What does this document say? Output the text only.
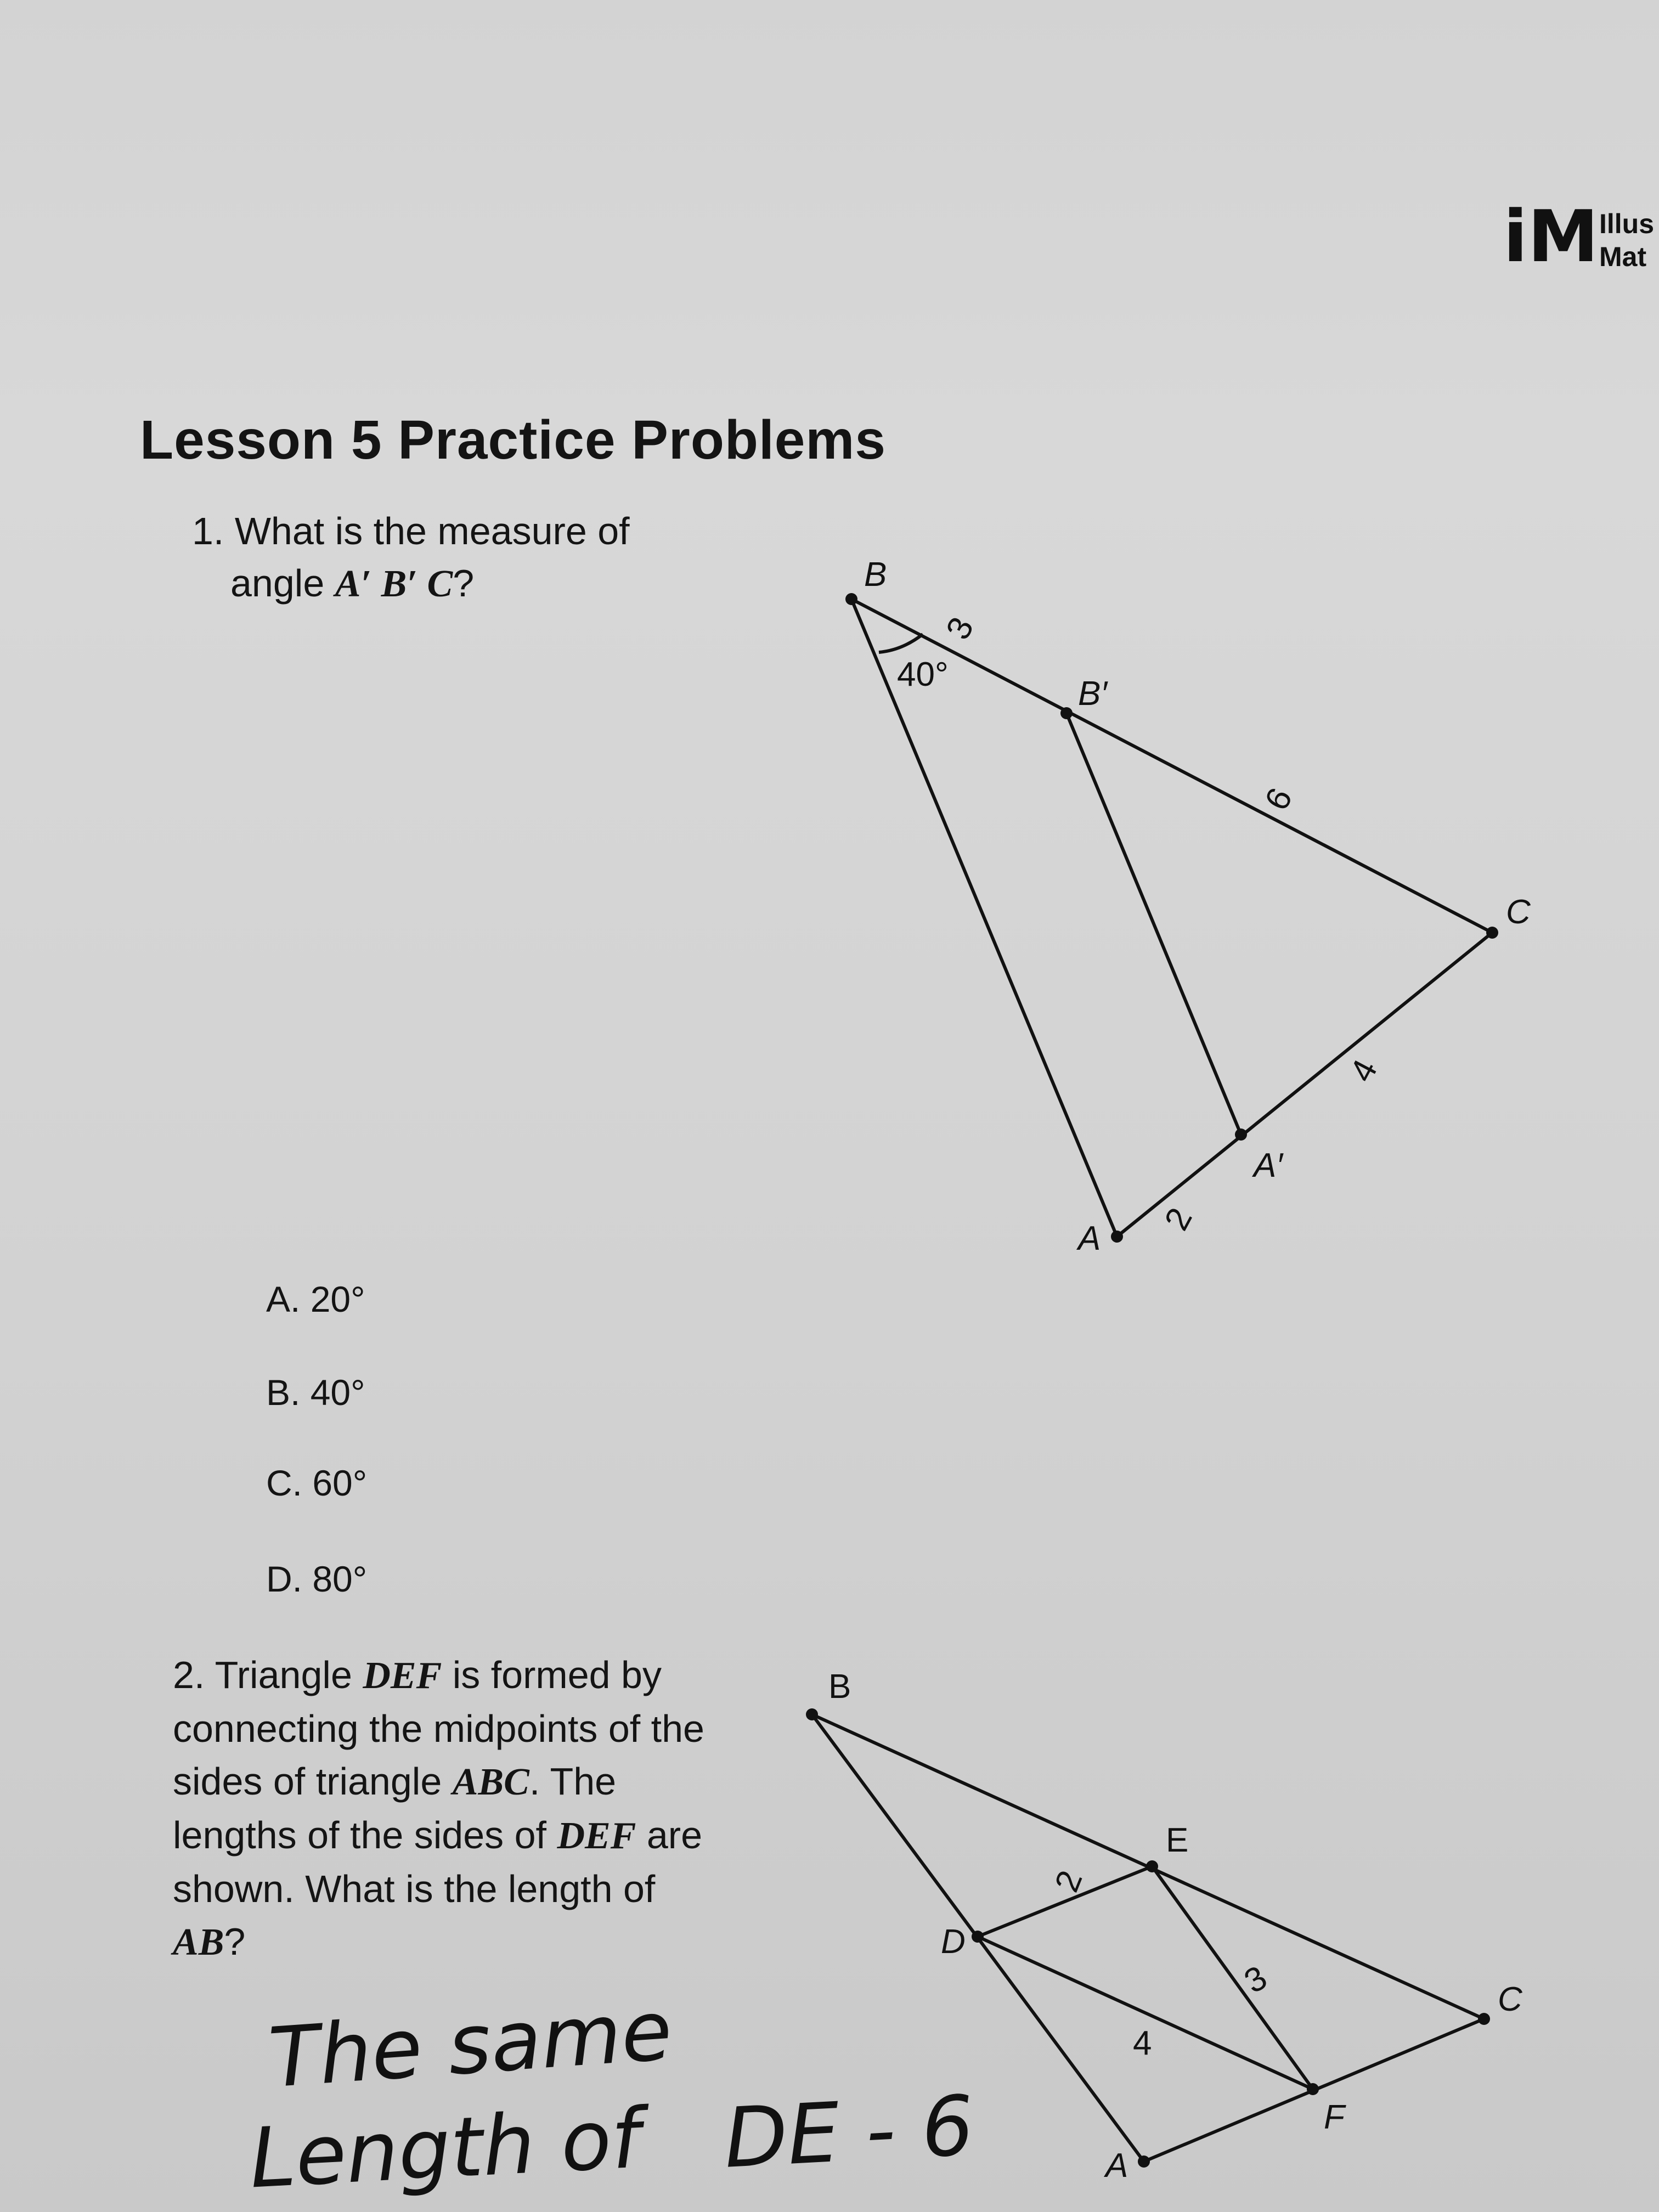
iM Illus
Mat
Lesson 5 Practice Problems
1. What is the measure of
angle A′ B′ C?
A. 20°
B. 40°
C. 60°
D. 80°
2. Triangle DEF is formed by connecting the midpoints of the sides of triangle ABC. The lengths of the sides of DEF are shown. What is the length of AB?
The same
Length of DE - 6
B
B′
C
A′
A
40°
3
6
4
2
B
E
C
D
F
A
2
3
4
